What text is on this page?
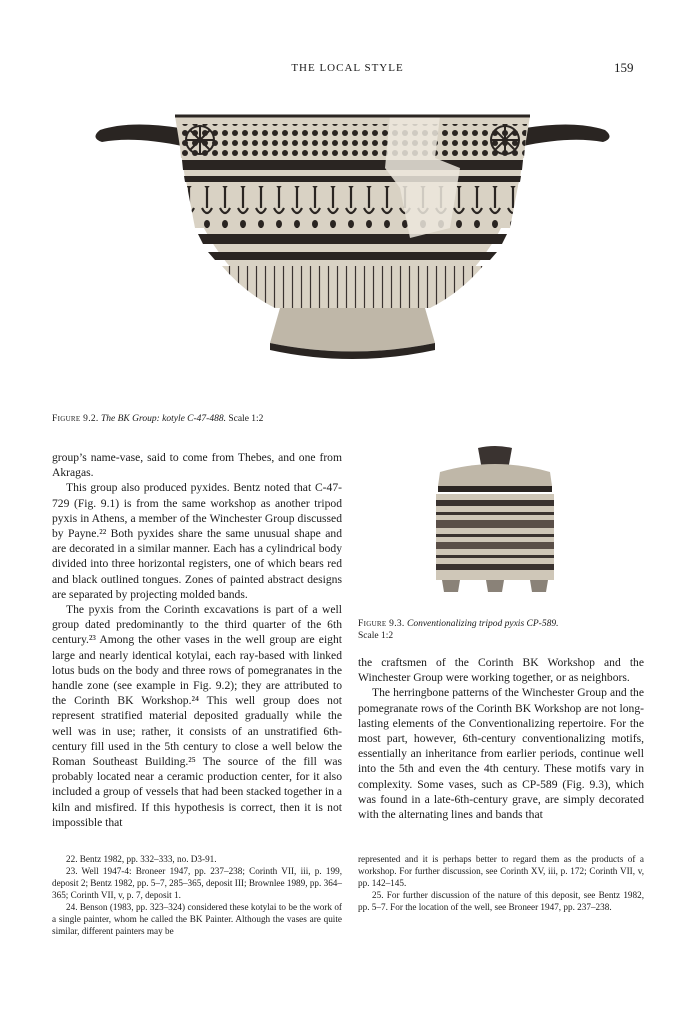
THE LOCAL STYLE	159
Figure 9.2. The BK Group: kotyle C-47-488. Scale 1:2
Figure 9.3. Conventionalizing tripod pyxis CP-589.
Scale 1:2

group’s name-vase, said to come from Thebes, and one from Akragas.

This group also produced pyxides. Bentz noted that C-47-729 (Fig. 9.1) is from the same workshop as another tripod pyxis in Athens, a member of the Winchester Group discussed by Payne.²² Both pyxides share the same unusual shape and are decorated in a similar manner. Each has a cylindrical body divided into three horizontal registers, one of which bears red and black outlined tongues. Zones of painted abstract designs are separated by projecting molded bands.

The pyxis from the Corinth excavations is part of a well group dated predominantly to the third quarter of the 6th century.²³ Among the other vases in the well group are eight large and nearly identical kotylai, each ray-based with linked lotus buds on the body and three rows of pomegranates in the handle zone (see example in Fig. 9.2); they are attributed to the Corinth BK Workshop.²⁴ This well group does not represent stratified material deposited gradually while the well was in use; rather, it consists of an unstratified 6th-century fill used in the 5th century to close a well below the Roman Southeast Building.²⁵ The source of the fill was probably located near a ceramic production center, for it also included a group of vessels that had been stacked together in a kiln and misfired. If this hypothesis is correct, then it is not impossible that

the craftsmen of the Corinth BK Workshop and the Winchester Group were working together, or as neighbors.

The herringbone patterns of the Winchester Group and the pomegranate rows of the Corinth BK Workshop are not long-lasting elements of the Conventionalizing repertoire. For the most part, however, 6th-century conventionalizing motifs, essentially an inheritance from earlier periods, continue well into the 5th and even the 4th century. These motifs vary in complexity. Some vases, such as CP-589 (Fig. 9.3), which was found in a late-6th-century grave, are simply decorated with the alternating lines and bands that

22. Bentz 1982, pp. 332–333, no. D3-91.

23. Well 1947-4: Broneer 1947, pp. 237–238; Corinth VII, iii, p. 199, deposit 2; Bentz 1982, pp. 5–7, 285–365, deposit III; Brownlee 1989, pp. 364–365; Corinth VII, v, p. 7, deposit 1.

24. Benson (1983, pp. 323–324) considered these kotylai to be the work of a single painter, whom he called the BK Painter. Although the vases are quite similar, different painters may be

represented and it is perhaps better to regard them as the products of a workshop. For further discussion, see Corinth XV, iii, p. 172; Corinth VII, v, pp. 142–145.

25. For further discussion of the nature of this deposit, see Bentz 1982, pp. 5–7. For the location of the well, see Broneer 1947, pp. 237–238.
